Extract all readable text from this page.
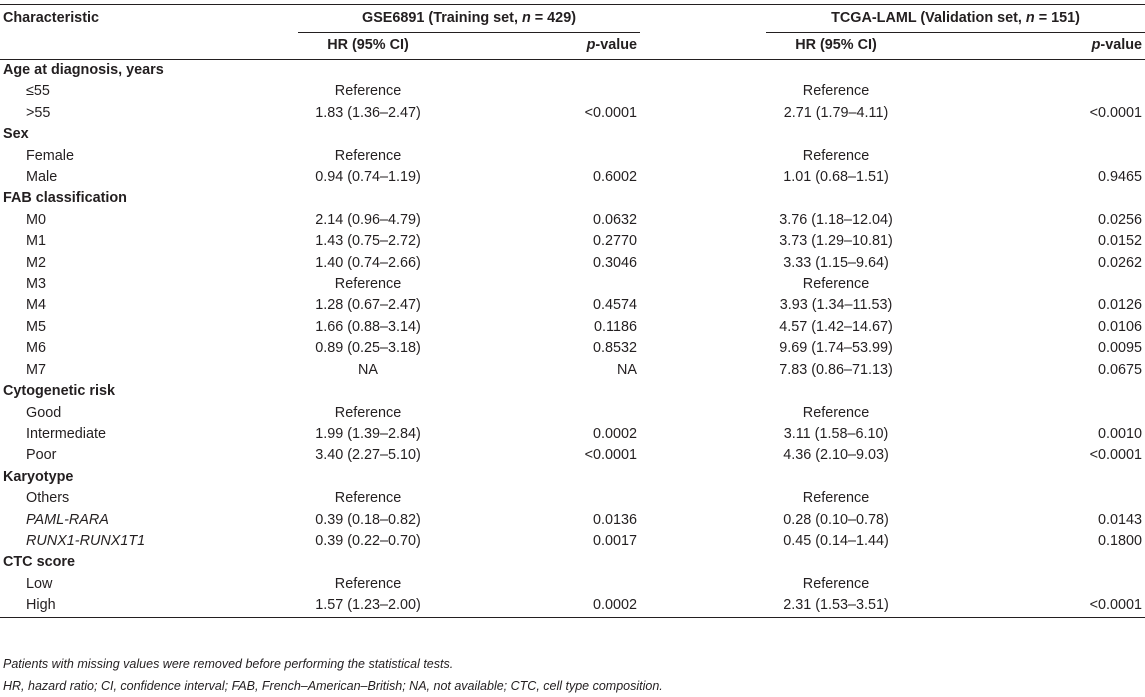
Characteristic	GSE6891 (Training set, n = 429)			TCGA-LAML (Validation set, n = 151)	
	HR (95% CI)	p-value		HR (95% CI)	p-value
Age at diagnosis, years					
≤55	Reference			Reference	
>55	1.83 (1.36–2.47)	<0.0001		2.71 (1.79–4.11)	<0.0001
Sex					
Female	Reference			Reference	
Male	0.94 (0.74–1.19)	0.6002		1.01 (0.68–1.51)	0.9465
FAB classification					
M0	2.14 (0.96–4.79)	0.0632		3.76 (1.18–12.04)	0.0256
M1	1.43 (0.75–2.72)	0.2770		3.73 (1.29–10.81)	0.0152
M2	1.40 (0.74–2.66)	0.3046		3.33 (1.15–9.64)	0.0262
M3	Reference			Reference	
M4	1.28 (0.67–2.47)	0.4574		3.93 (1.34–11.53)	0.0126
M5	1.66 (0.88–3.14)	0.1186		4.57 (1.42–14.67)	0.0106
M6	0.89 (0.25–3.18)	0.8532		9.69 (1.74–53.99)	0.0095
M7	NA	NA		7.83 (0.86–71.13)	0.0675
Cytogenetic risk					
Good	Reference			Reference	
Intermediate	1.99 (1.39–2.84)	0.0002		3.11 (1.58–6.10)	0.0010
Poor	3.40 (2.27–5.10)	<0.0001		4.36 (2.10–9.03)	<0.0001
Karyotype					
Others	Reference			Reference	
PAML-RARA	0.39 (0.18–0.82)	0.0136		0.28 (0.10–0.78)	0.0143
RUNX1-RUNX1T1	0.39 (0.22–0.70)	0.0017		0.45 (0.14–1.44)	0.1800
CTC score					
Low	Reference			Reference	
High	1.57 (1.23–2.00)	0.0002		2.31 (1.53–3.51)	<0.0001
Patients with missing values were removed before performing the statistical tests.
HR, hazard ratio; CI, confidence interval; FAB, French–American–British; NA, not available; CTC, cell type composition.
